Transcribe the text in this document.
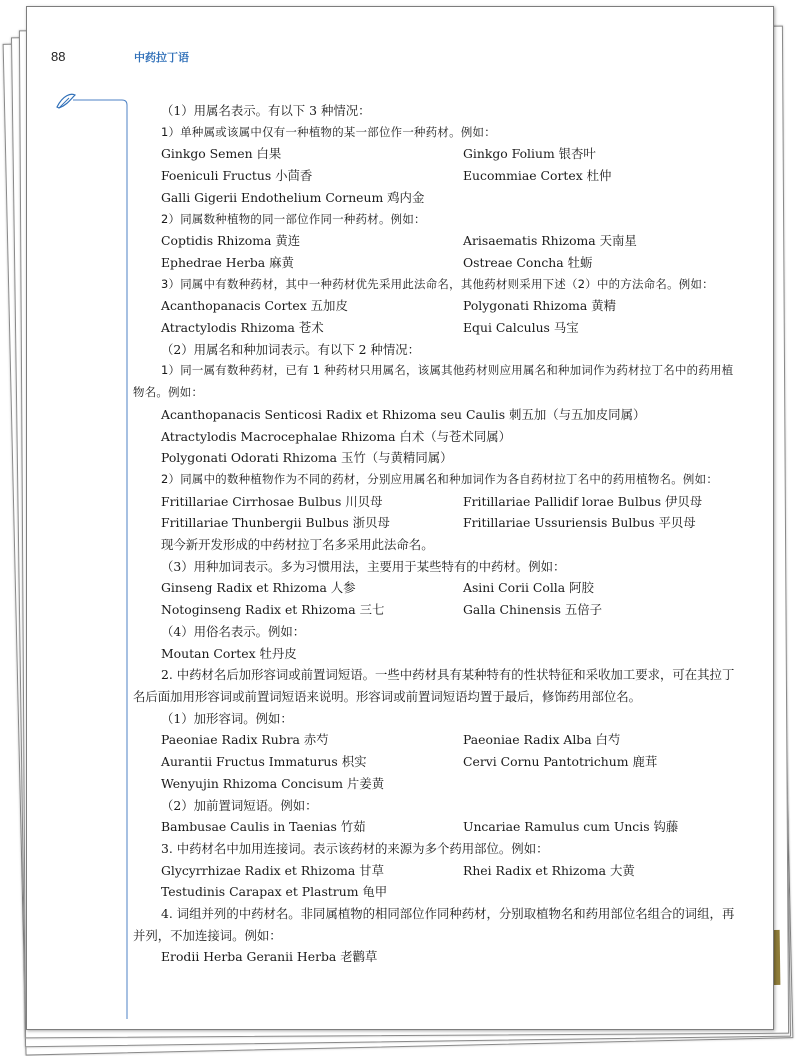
88	中药拉丁语

（1）用属名表示。有以下 3 种情况：

1）单种属或该属中仅有一种植物的某一部位作一种药材。例如：

Ginkgo Semen 白果	Ginkgo Folium 银杏叶
Foeniculi Fructus 小茴香	Eucommiae Cortex 杜仲

Galli Gigerii Endothelium Corneum 鸡内金

2）同属数种植物的同一部位作同一种药材。例如：

Coptidis Rhizoma 黄连	Arisaematis Rhizoma 天南星
Ephedrae Herba 麻黄	Ostreae Concha 牡蛎

3）同属中有数种药材，其中一种药材优先采用此法命名，其他药材则采用下述（2）中的方法命名。例如：

Acanthopanacis Cortex 五加皮	Polygonati Rhizoma 黄精
Atractylodis Rhizoma 苍术	Equi Calculus 马宝

（2）用属名和种加词表示。有以下 2 种情况：

1）同一属有数种药材，已有 1 种药材只用属名，该属其他药材则应用属名和种加词作为药材拉丁名中的药用植物名。例如：

Acanthopanacis Senticosi Radix et Rhizoma seu Caulis 刺五加（与五加皮同属）

Atractylodis Macrocephalae Rhizoma 白术（与苍术同属）

Polygonati Odorati Rhizoma 玉竹（与黄精同属）

2）同属中的数种植物作为不同的药材，分别应用属名和种加词作为各自药材拉丁名中的药用植物名。例如：

Fritillariae Cirrhosae Bulbus 川贝母	Fritillariae Pallidif lorae Bulbus 伊贝母
Fritillariae Thunbergii Bulbus 浙贝母	Fritillariae Ussuriensis Bulbus 平贝母

现今新开发形成的中药材拉丁名多采用此法命名。

（3）用种加词表示。多为习惯用法，主要用于某些特有的中药材。例如：

Ginseng Radix et Rhizoma 人参	Asini Corii Colla 阿胶
Notoginseng Radix et Rhizoma 三七	Galla Chinensis 五倍子

（4）用俗名表示。例如：

Moutan Cortex 牡丹皮

2. 中药材名后加形容词或前置词短语。一些中药材具有某种特有的性状特征和采收加工要求，可在其拉丁名后面加用形容词或前置词短语来说明。形容词或前置词短语均置于最后，修饰药用部位名。

（1）加形容词。例如：

Paeoniae Radix Rubra 赤芍	Paeoniae Radix Alba 白芍
Aurantii Fructus Immaturus 枳实	Cervi Cornu Pantotrichum 鹿茸

Wenyujin Rhizoma Concisum 片姜黄

（2）加前置词短语。例如：

Bambusae Caulis in Taenias 竹茹	Uncariae Ramulus cum Uncis 钩藤

3. 中药材名中加用连接词。表示该药材的来源为多个药用部位。例如：

Glycyrrhizae Radix et Rhizoma 甘草	Rhei Radix et Rhizoma 大黄

Testudinis Carapax et Plastrum 龟甲

4. 词组并列的中药材名。非同属植物的相同部位作同种药材，分别取植物名和药用部位名组合的词组，再并列，不加连接词。例如：

Erodii Herba Geranii Herba 老鹳草
